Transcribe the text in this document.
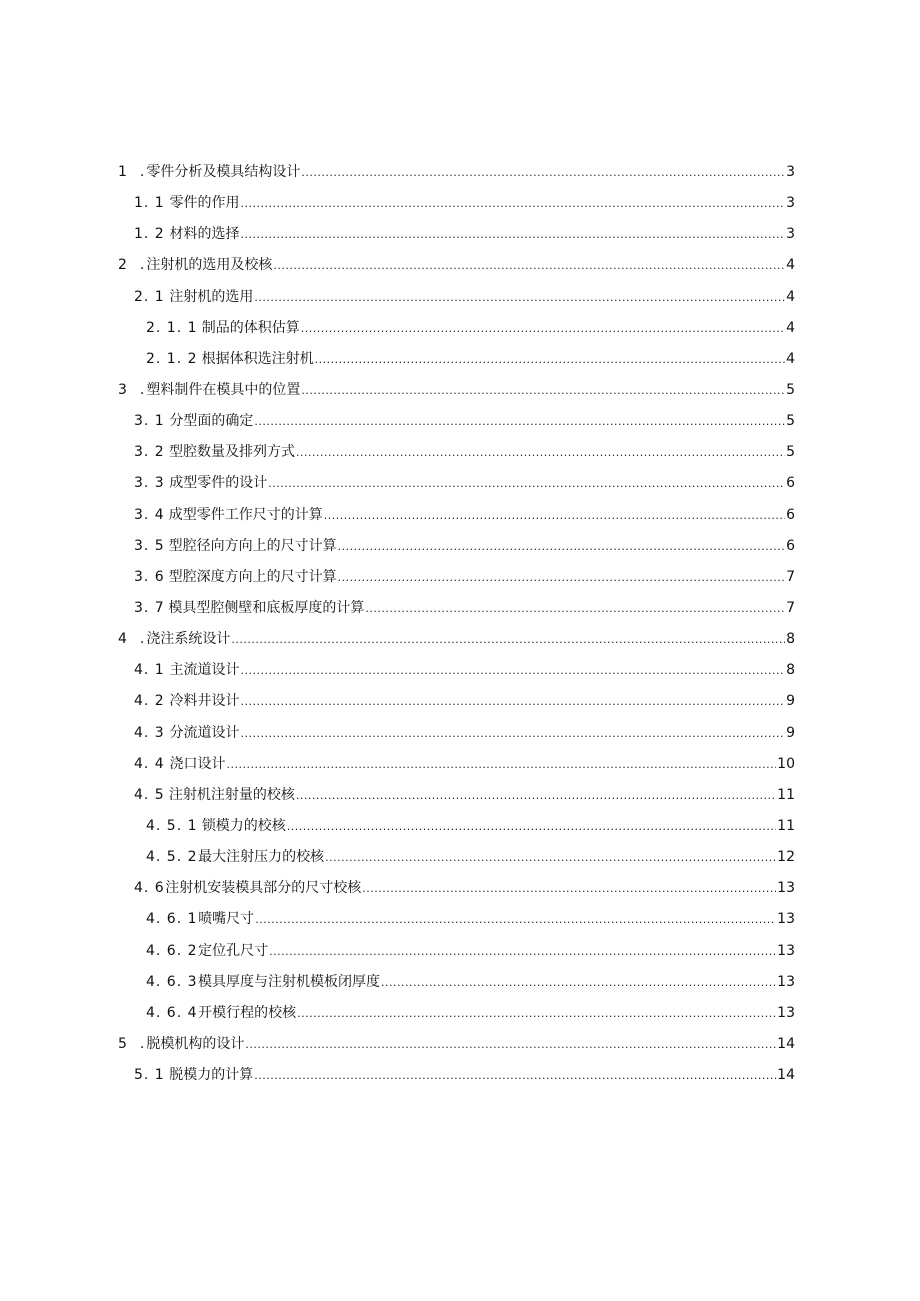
1 . 零件分析及模具结构设计 .....	3
1. 1 零件的作用 .....	3
1. 2 材料的选择 .....	3
2 . 注射机的选用及校核 .....	4
2. 1 注射机的选用 .....	4
2. 1. 1 制品的体积估算 .....	4
2. 1. 2 根据体积选注射机 .....	4
3 . 塑料制件在模具中的位置 .....	5
3. 1 分型面的确定 .....	5
3. 2 型腔数量及排列方式 .....	5
3. 3 成型零件的设计 .....	6
3. 4 成型零件工作尺寸的计算 .....	6
3. 5 型腔径向方向上的尺寸计算 .....	6
3. 6 型腔深度方向上的尺寸计算 .....	7
3. 7 模具型腔侧壁和底板厚度的计算 .....	7
4 . 浇注系统设计 .....	8
4. 1 主流道设计 .....	8
4. 2 冷料井设计 .....	9
4. 3 分流道设计 .....	9
4. 4 浇口设计 .....	10
4. 5 注射机注射量的校核 .....	11
4. 5. 1 锁模力的校核 .....	11
4. 5. 2 最大注射压力的校核 .....	12
4. 6 注射机安装模具部分的尺寸校核 .....	13
4. 6. 1 喷嘴尺寸 .....	13
4. 6. 2 定位孔尺寸 .....	13
4. 6. 3 模具厚度与注射机模板闭厚度 .....	13
4. 6. 4 开模行程的校核 .....	13
5 . 脱模机构的设计 .....	14
5. 1 脱模力的计算 .....	14
